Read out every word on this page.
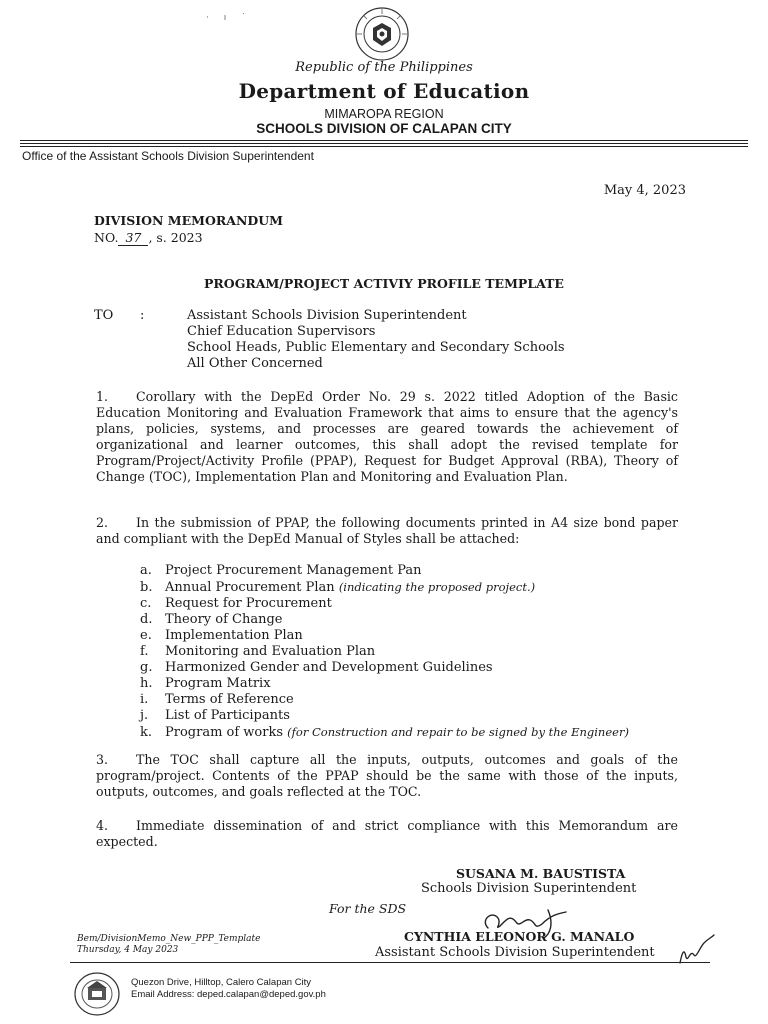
· ı ˙
Republic of the Philippines
Department of Education
MIMAROPA REGION
SCHOOLS DIVISION OF CALAPAN CITY
Office of the Assistant Schools Division Superintendent
May 4, 2023
DIVISION MEMORANDUM
NO. 37 , s. 2023
PROGRAM/PROJECT ACTIVIY PROFILE TEMPLATE
TO :	Assistant Schools Division Superintendent
Chief Education Supervisors
School Heads, Public Elementary and Secondary Schools
All Other Concerned

1. Corollary with the DepEd Order No. 29 s. 2022 titled Adoption of the Basic Education Monitoring and Evaluation Framework that aims to ensure that the agency's plans, policies, systems, and processes are geared towards the achievement of organizational and learner outcomes, this shall adopt the revised template for Program/Project/Activity Profile (PPAP), Request for Budget Approval (RBA), Theory of Change (TOC), Implementation Plan and Monitoring and Evaluation Plan.

2. In the submission of PPAP, the following documents printed in A4 size bond paper and compliant with the DepEd Manual of Styles shall be attached:

a. Project Procurement Management Pan
b. Annual Procurement Plan (indicating the proposed project.)
c. Request for Procurement
d. Theory of Change
e. Implementation Plan
f. Monitoring and Evaluation Plan
g. Harmonized Gender and Development Guidelines
h. Program Matrix
i. Terms of Reference
j. List of Participants
k. Program of works (for Construction and repair to be signed by the Engineer)

3. The TOC shall capture all the inputs, outputs, outcomes and goals of the program/project. Contents of the PPAP should be the same with those of the inputs, outputs, outcomes, and goals reflected at the TOC.

4. Immediate dissemination of and strict compliance with this Memorandum are expected.

SUSANA M. BAUSTISTA
Schools Division Superintendent
For the SDS
CYNTHIA ELEONOR G. MANALO
Assistant Schools Division Superintendent
Bem/DivisionMemo_New_PPP_Template
Thursday, 4 May 2023
Quezon Drive, Hilltop, Calero Calapan City
Email Address: deped.calapan@deped.gov.ph
